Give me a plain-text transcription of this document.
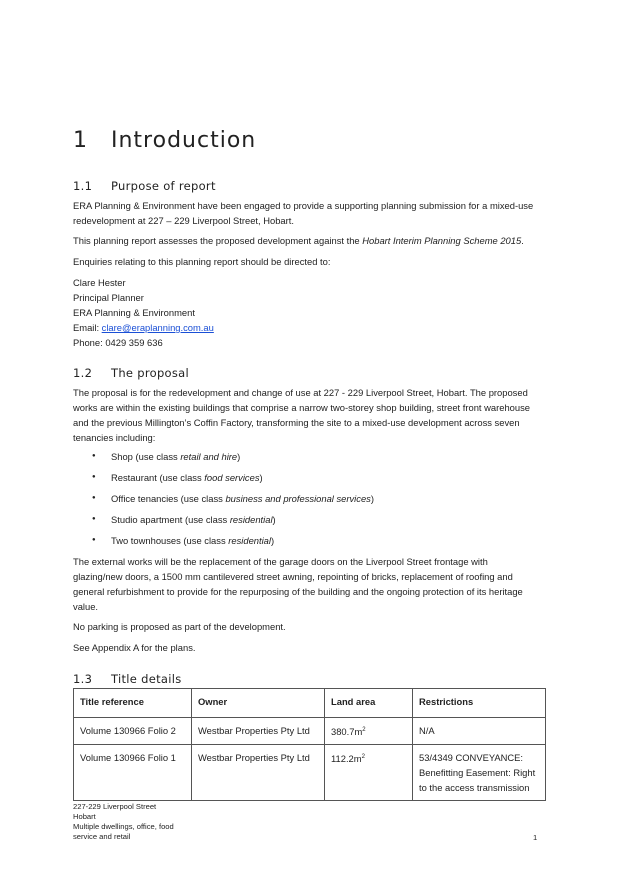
1 Introduction
1.1 Purpose of report
ERA Planning & Environment have been engaged to provide a supporting planning submission for a mixed-use
redevelopment at 227 – 229 Liverpool Street, Hobart.
This planning report assesses the proposed development against the Hobart Interim Planning Scheme 2015.
Enquiries relating to this planning report should be directed to:
Clare Hester
Principal Planner
ERA Planning & Environment
Email: clare@eraplanning.com.au
Phone: 0429 359 636
1.2 The proposal
The proposal is for the redevelopment and change of use at 227 - 229 Liverpool Street, Hobart. The proposed
works are within the existing buildings that comprise a narrow two-storey shop building, street front warehouse
and the previous Millington’s Coffin Factory, transforming the site to a mixed-use development across seven
tenancies including:
● Shop (use class retail and hire)
● Restaurant (use class food services)
● Office tenancies (use class business and professional services)
● Studio apartment (use class residential)
● Two townhouses (use class residential)
The external works will be the replacement of the garage doors on the Liverpool Street frontage with
glazing/new doors, a 1500 mm cantilevered street awning, repointing of bricks, replacement of roofing and
general refurbishment to provide for the repurposing of the building and the ongoing protection of its heritage
value.
No parking is proposed as part of the development.
See Appendix A for the plans.
1.3 Title details
Title reference	Owner	Land area	Restrictions
Volume 130966 Folio 2	Westbar Properties Pty Ltd	$380.7m^2$	N/A
Volume 130966 Folio 1	Westbar Properties Pty Ltd	$112.2m^2$	53/4349 CONVEYANCE:
Benefitting Easement: Right
to the access transmission
227-229 Liverpool Street
Hobart
Multiple dwellings, office, food
service and retail	1
